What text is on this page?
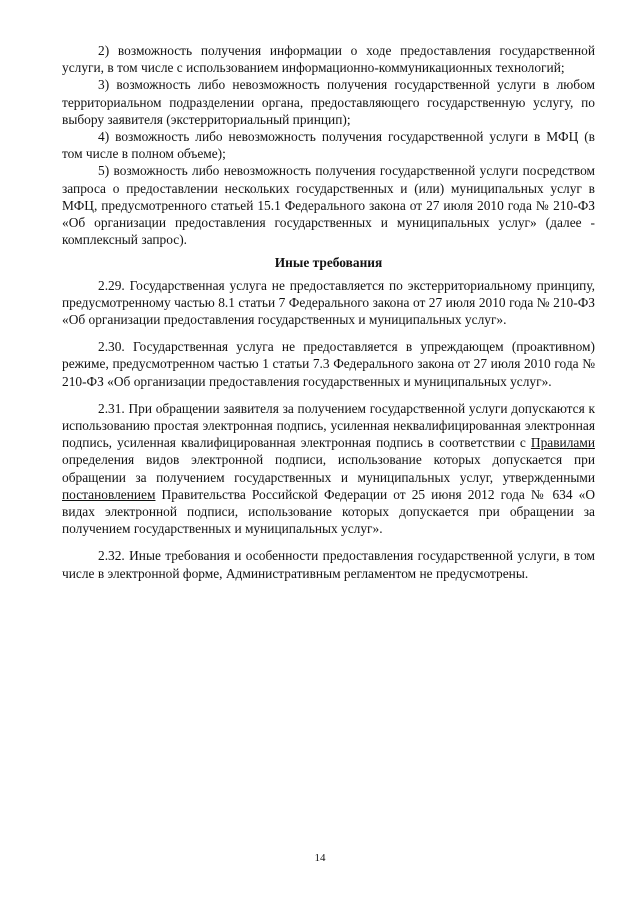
2) возможность получения информации о ходе предоставления государственной услуги, в том числе с использованием информационно-коммуникационных технологий;

3) возможность либо невозможность получения государственной услуги в любом территориальном подразделении органа, предоставляющего государственную услугу, по выбору заявителя (экстерриториальный принцип);

4) возможность либо невозможность получения государственной услуги в МФЦ (в том числе в полном объеме);

5) возможность либо невозможность получения государственной услуги посредством запроса о предоставлении нескольких государственных и (или) муниципальных услуг в МФЦ, предусмотренного статьей 15.1 Федерального закона от 27 июля 2010 года № 210-ФЗ «Об организации предоставления государственных и муниципальных услуг» (далее - комплексный запрос).

Иные требования

2.29. Государственная услуга не предоставляется по экстерриториальному принципу, предусмотренному частью 8.1 статьи 7 Федерального закона от 27 июля 2010 года № 210-ФЗ «Об организации предоставления государственных и муниципальных услуг».

2.30. Государственная услуга не предоставляется в упреждающем (проактивном) режиме, предусмотренном частью 1 статьи 7.3 Федерального закона от 27 июля 2010 года № 210-ФЗ «Об организации предоставления государственных и муниципальных услуг».

2.31. При обращении заявителя за получением государственной услуги допускаются к использованию простая электронная подпись, усиленная неквалифицированная электронная подпись, усиленная квалифицированная электронная подпись в соответствии с Правилами определения видов электронной подписи, использование которых допускается при обращении за получением государственных и муниципальных услуг, утвержденными постановлением Правительства Российской Федерации от 25 июня 2012 года № 634 «О видах электронной подписи, использование которых допускается при обращении за получением государственных и муниципальных услуг».

2.32. Иные требования и особенности предоставления государственной услуги, в том числе в электронной форме, Административным регламентом не предусмотрены.

14
